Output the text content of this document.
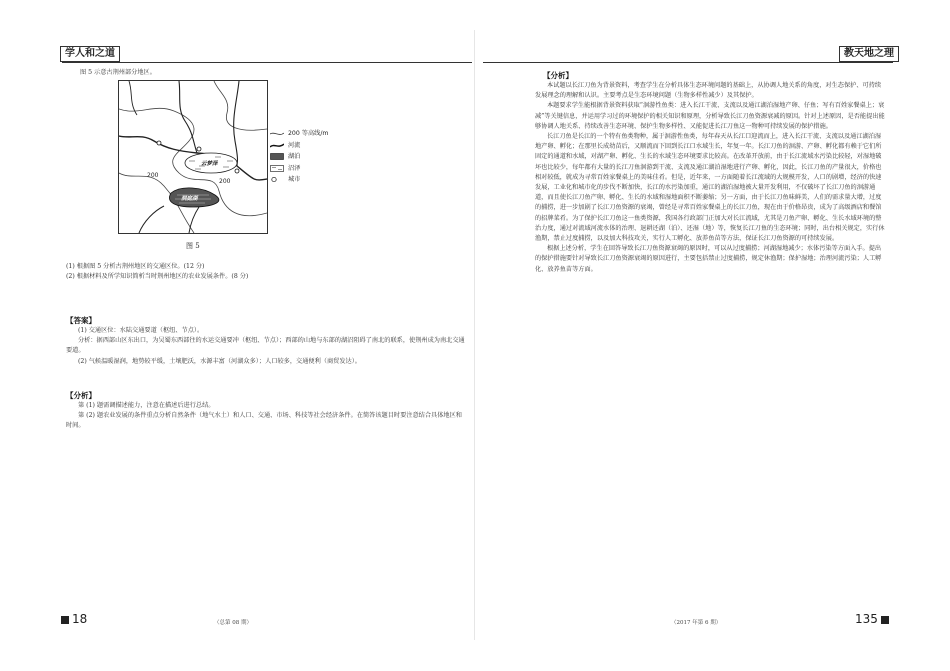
学人和之道
图 5 示意古荆州部分地区。
200
200
云梦泽
洞庭湖
200 等高线/m
河流
湖泊
沼泽
城市
图 5

(1) 根据图 5 分析古荆州地区的交通区位。(12 分)

(2) 根据材料及所学知识简析当时荆州地区的农业发展条件。(8 分)

【答案】

(1) 交通区位：水陆交通要道（枢纽、节点）。

分析：据西部山区东出口，为吴蜀东西部往的水运交通要冲（枢纽、节点）；西部的山地与东部的湖沼阻碍了南北的联系，使荆州成为南北交通要道。

(2) 气候温暖湿润，地势较平缓，土壤肥沃，水源丰富（河湖众多）；人口较多，交通便利（商贸发达）。

【分析】

第 (1) 题需调描述能力，注意在描述后进行总结。

第 (2) 题农业发展的条件重点分析自然条件（地气水土）和人口、交通、市场、科技等社会经济条件。在简答该题目时要注意结合具体地区和时间。

18	（总第 08 期）
教天地之理
【分析】

本试题以长江刀鱼为背景资料，考查学生在分析具体生态环境问题的基础上，从协调人地关系的角度，对生态保护、可持续发展理念的理解和认识。主要考点是生态环境问题（生物多样性减少）及其保护。

本题要求学生能根据背景资料获取“洄游性鱼类：进入长江干流、支流以及通江湖泊湿地产卵、仔鱼；写有百姓家餐桌上；衰减”等关键信息，并运用学习过的环境保护的相关知识和原理，分析导致长江刀鱼资源衰减的原因。针对上述原因，是否能提出能够协调人地关系、持续改善生态环境、保护生物多样性、又能促进长江刀鱼这一物种可持续发展的保护措施。

长江刀鱼是长江的一个特有鱼类物种，属于洄游性鱼类，每年春天从长江口迎流而上，进入长江干流、支流以及通江湖泊湿地产卵、孵化；在那里长成幼苗后，又顺流而下回到长江口水域生长，年复一年。长江刀鱼的洄游、产卵、孵化都有赖于它们所固定的通道和水域，对湖产卵、孵化、生长的水域生态环境要求比较高。在改革开放前，由于长江流域水污染比较轻，对湿地破坏也比较少，每年都有大量的长江刀鱼洄游到干流、支流及通江湖泊湿地进行产卵、孵化，因此，长江刀鱼的产量很大，价格也相对较低，就成为寻常百姓家餐桌上的美味佳肴。但是，近年来，一方面随着长江流域的大规模开发，人口的剧增，经济的快速发展，工业化和城市化的步伐不断加快，长江的水污染加重，通江的湖泊湿地被大量开发利用，不仅破坏了长江刀鱼的洄游通道，而且使长江刀鱼产卵、孵化、生长的水域和湿地面积不断萎缩；另一方面，由于长江刀鱼味鲜美，人们的需求量大增，过度的捕捞，进一步加剧了长江刀鱼资源的衰竭，曾经是寻常百姓家餐桌上的长江刀鱼，现在由于价格昂贵，成为了高级酒店和餐馆的招牌菜肴。为了保护长江刀鱼这一鱼类资源，我国各行政部门正加大对长江流域，尤其是刀鱼产卵、孵化、生长水域环境的整治力度，通过对流域河流水体的治理、退耕还湖（泊）、还湿（地）等，恢复长江刀鱼的生态环境；同时，出台相关规定，实行休渔期，禁止过度捕捞，以及加大科技攻关，实行人工孵化、放养鱼苗等方法，保证长江刀鱼资源的可持续发展。

根据上述分析，学生在回答导致长江刀鱼资源衰竭的原因时，可以从过度捕捞；河湖湿地减少；水体污染等方面入手。提出的保护措施要针对导致长江刀鱼资源衰竭的原因进行，主要包括禁止过度捕捞，规定休渔期；保护湿地；治理河流污染；人工孵化、放养鱼苗等方面。

（2017 年第 6 期）	135
